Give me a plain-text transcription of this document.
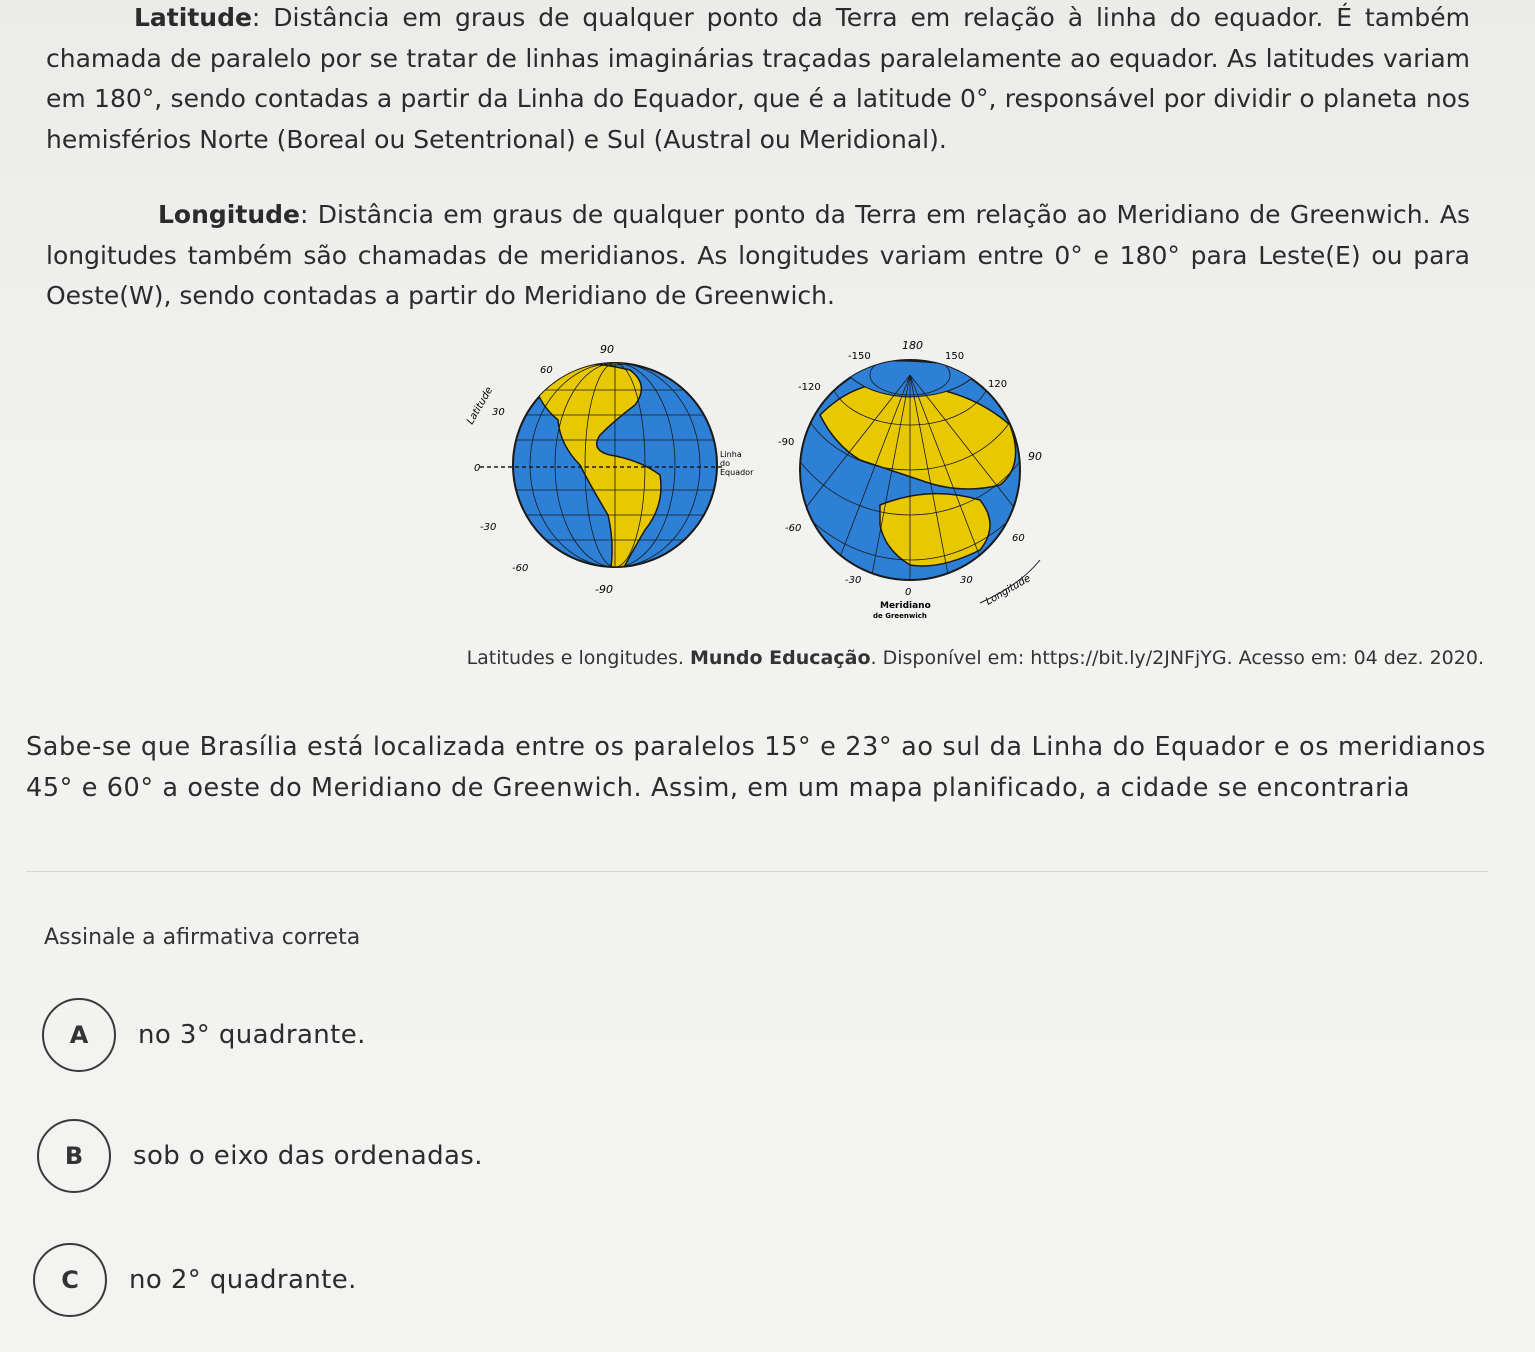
Latitude: Distância em graus de qualquer ponto da Terra em relação à linha do equador. É também chamada de paralelo por se tratar de linhas imaginárias traçadas paralelamente ao equador. As latitudes variam em 180°, sendo contadas a partir da Linha do Equador, que é a latitude 0°, responsável por dividir o planeta nos hemisférios Norte (Boreal ou Setentrional) e Sul (Austral ou Meridional).
Longitude: Distância em graus de qualquer ponto da Terra em relação ao Meridiano de Greenwich. As longitudes também são chamadas de meridianos. As longitudes variam entre 0° e 180° para Leste(E) ou para Oeste(W), sendo contadas a partir do Meridiano de Greenwich.
90
60
30
0
-30
-60
-90
Latitude
Linha
do
Equador
180
-150	150
-120	120
-90
90
-60
60
-30	30
0
Meridiano
de Greenwich
Longitude
Latitudes e longitudes. Mundo Educação. Disponível em: https://bit.ly/2JNFjYG. Acesso em: 04 dez. 2020.
Sabe-se que Brasília está localizada entre os paralelos 15° e 23° ao sul da Linha do Equador e os meridianos 45° e 60° a oeste do Meridiano de Greenwich. Assim, em um mapa planificado, a cidade se encontraria
Assinale a afirmativa correta
A	no 3° quadrante.
B	sob o eixo das ordenadas.
C	no 2° quadrante.
